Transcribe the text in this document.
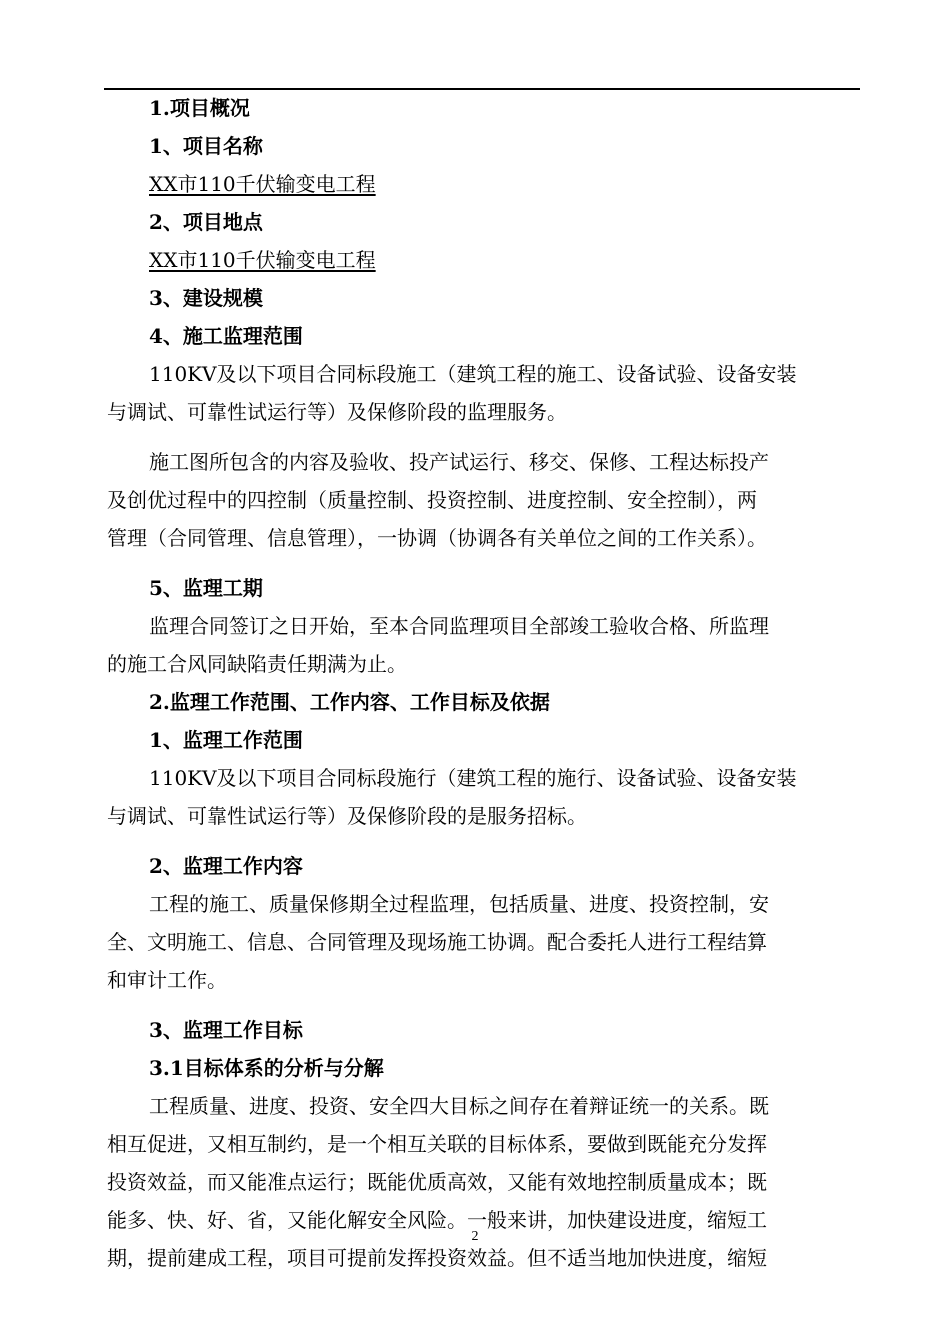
1.项目概况
1、项目名称
XX市110千伏输变电工程
2、项目地点
XX市110千伏输变电工程
3、建设规模
4、施工监理范围
110KV及以下项目合同标段施工（建筑工程的施工、设备试验、设备安装
与调试、可靠性试运行等）及保修阶段的监理服务。
施工图所包含的内容及验收、投产试运行、移交、保修、工程达标投产
及创优过程中的四控制（质量控制、投资控制、进度控制、安全控制），两
管理（合同管理、信息管理），一协调（协调各有关单位之间的工作关系）。
5、监理工期
监理合同签订之日开始，至本合同监理项目全部竣工验收合格、所监理
的施工合风同缺陷责任期满为止。
2.监理工作范围、工作内容、工作目标及依据
1、监理工作范围
110KV及以下项目合同标段施行（建筑工程的施行、设备试验、设备安装
与调试、可靠性试运行等）及保修阶段的是服务招标。
2、监理工作内容
工程的施工、质量保修期全过程监理，包括质量、进度、投资控制，安
全、文明施工、信息、合同管理及现场施工协调。配合委托人进行工程结算
和审计工作。
3、监理工作目标
3.1目标体系的分析与分解
工程质量、进度、投资、安全四大目标之间存在着辩证统一的关系。既
相互促进，又相互制约，是一个相互关联的目标体系，要做到既能充分发挥
投资效益，而又能准点运行；既能优质高效，又能有效地控制质量成本；既
能多、快、好、省，又能化解安全风险。一般来讲，加快建设进度，缩短工
期，提前建成工程，项目可提前发挥投资效益。但不适当地加快进度，缩短
2
